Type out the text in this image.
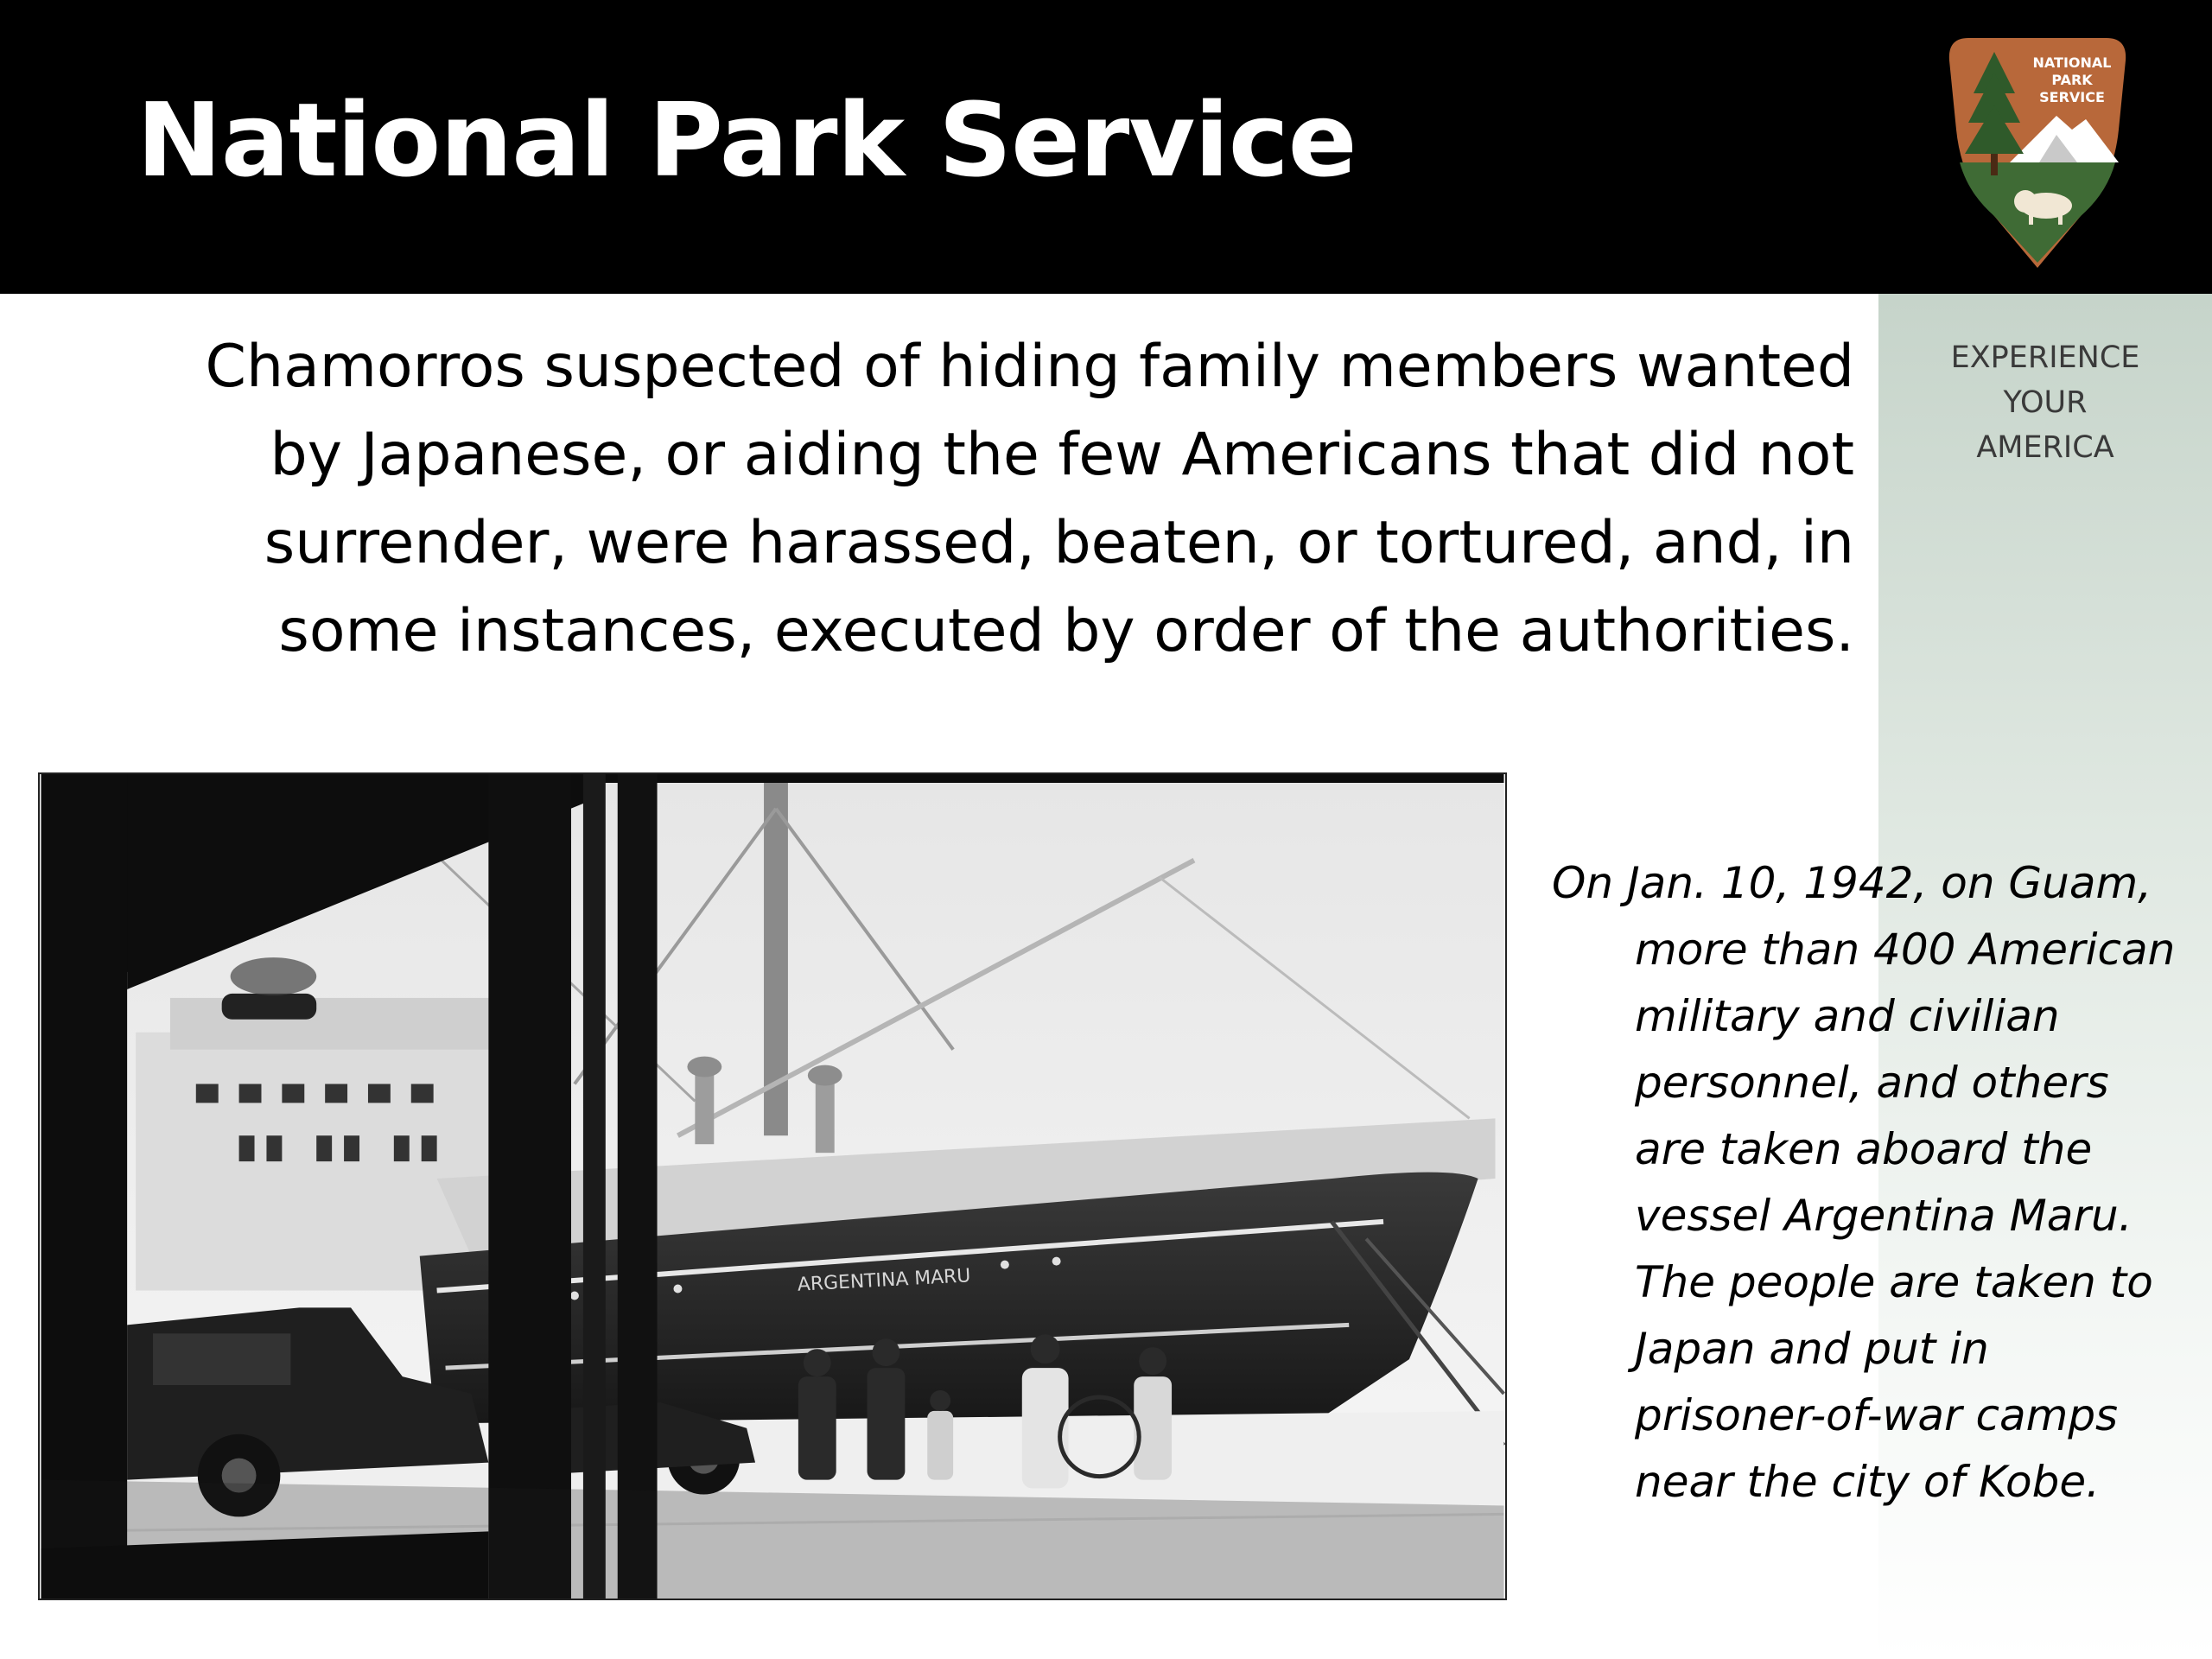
National Park Service
NATIONAL
PARK
SERVICE
EXPERIENCE
YOUR
AMERICA

Chamorros suspected of hiding family members wanted by Japanese, or aiding the few Americans that did not surrender, were harassed, beaten, or tortured, and, in some instances, executed by order of the authorities.

ARGENTINA MARU

On Jan. 10, 1942, on Guam, more than 400 American military and civilian personnel, and others are taken aboard the vessel Argentina Maru. The people are taken to Japan and put in prisoner-of-war camps near the city of Kobe.
